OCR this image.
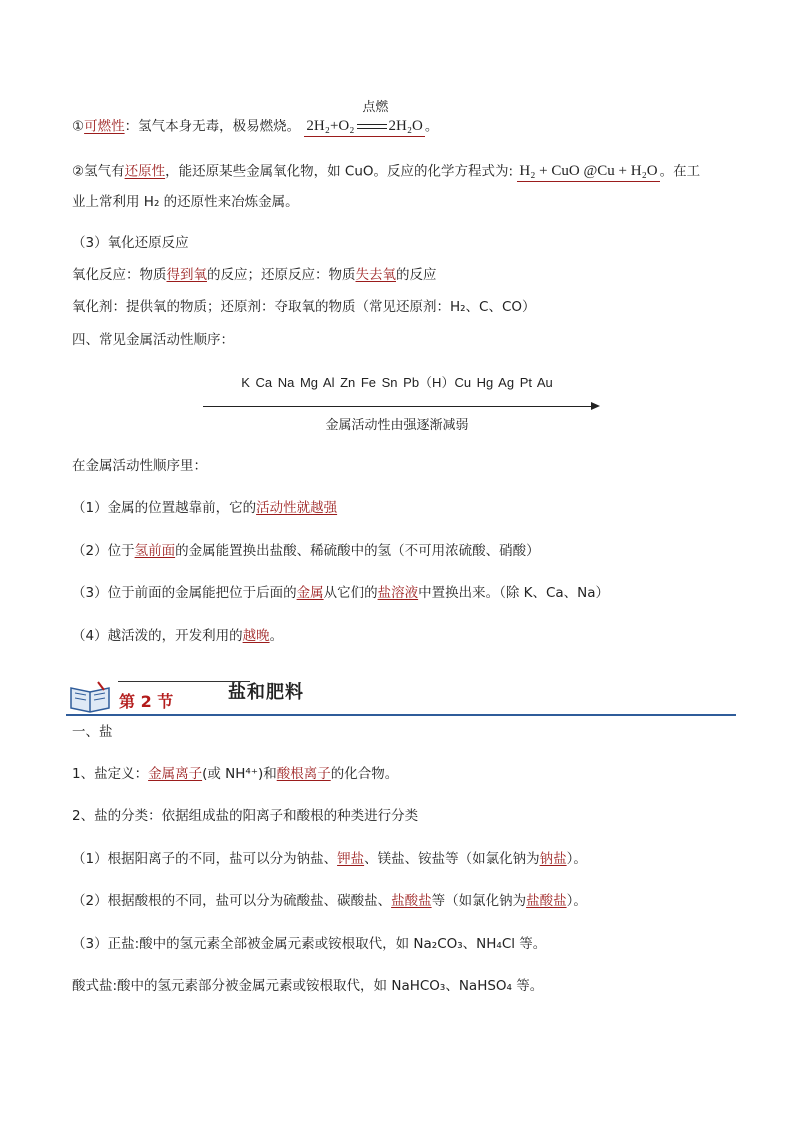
①可燃性：氢气本身无毒，极易燃烧。
点燃
2H₂+O₂ 2H₂O 。
②氢气有还原性，能还原某些金属氧化物，如 CuO。反应的化学方程式为: H₂ + CuO @Cu + H₂O 。在工
业上常利用 H₂ 的还原性来冶炼金属。
（3）氧化还原反应
氧化反应：物质得到氧的反应；还原反应：物质失去氧的反应
氧化剂：提供氧的物质；还原剂：夺取氧的物质（常见还原剂：H₂、C、CO）
四、常见金属活动性顺序：
K Ca Na Mg Al Zn Fe Sn Pb（H）Cu Hg Ag Pt Au
金属活动性由强逐渐减弱
在金属活动性顺序里：
（1）金属的位置越靠前，它的活动性就越强
（2）位于氢前面的金属能置换出盐酸、稀硫酸中的氢（不可用浓硫酸、硝酸）
（3）位于前面的金属能把位于后面的金属从它们的盐溶液中置换出来。（除 K、Ca、Na）
（4）越活泼的，开发利用的越晚。
第 2 节	盐和肥料
一、盐
1、盐定义：金属离子(或 NH⁴⁺)和酸根离子的化合物。
2、盐的分类：依据组成盐的阳离子和酸根的种类进行分类
（1）根据阳离子的不同，盐可以分为钠盐、钾盐、镁盐、铵盐等（如氯化钠为钠盐）。
（2）根据酸根的不同，盐可以分为硫酸盐、碳酸盐、盐酸盐等（如氯化钠为盐酸盐）。
（3）正盐:酸中的氢元素全部被金属元素或铵根取代，如 Na₂CO₃、NH₄Cl 等。
酸式盐:酸中的氢元素部分被金属元素或铵根取代，如 NaHCO₃、NaHSO₄ 等。
